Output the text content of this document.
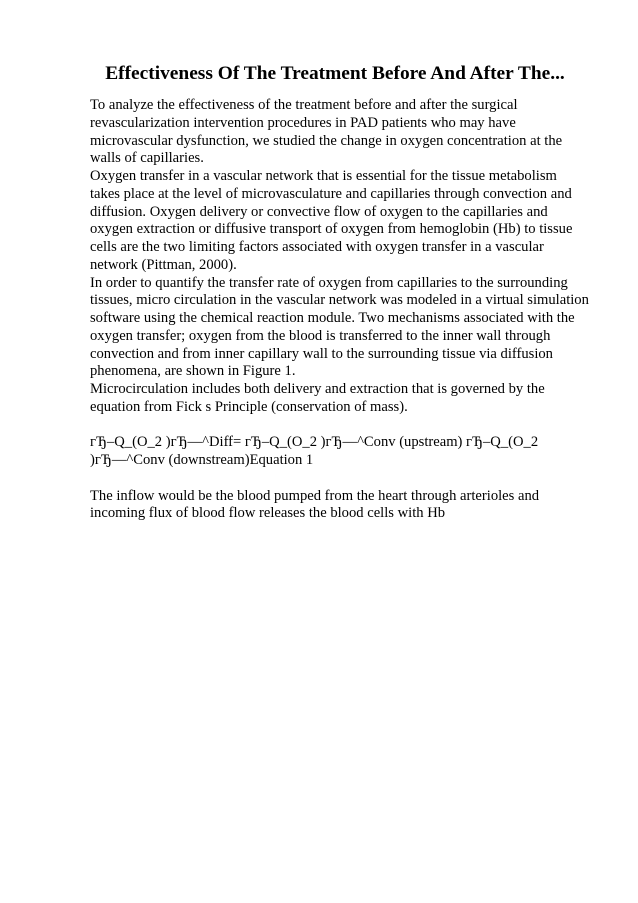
Effectiveness Of The Treatment Before And After The...
To analyze the effectiveness of the treatment before and after the surgical
revascularization intervention procedures in PAD patients who may have
microvascular dysfunction, we studied the change in oxygen concentration at the
walls of capillaries.
Oxygen transfer in a vascular network that is essential for the tissue metabolism
takes place at the level of microvasculature and capillaries through convection and
diffusion. Oxygen delivery or convective flow of oxygen to the capillaries and
oxygen extraction or diffusive transport of oxygen from hemoglobin (Hb) to tissue
cells are the two limiting factors associated with oxygen transfer in a vascular
network (Pittman, 2000).
In order to quantify the transfer rate of oxygen from capillaries to the surrounding
tissues, micro circulation in the vascular network was modeled in a virtual simulation
software using the chemical reaction module. Two mechanisms associated with the
oxygen transfer; oxygen from the blood is transferred to the inner wall through
convection and from inner capillary wall to the surrounding tissue via diffusion
phenomena, are shown in Figure 1.
Microcirculation includes both delivery and extraction that is governed by the
equation from Fick s Principle (conservation of mass).
гЂ–Q_(O_2 )гЂ—^Diff= гЂ–Q_(O_2 )гЂ—^Conv (upstream) гЂ–Q_(O_2
)гЂ—^Conv (downstream)Equation 1
The inflow would be the blood pumped from the heart through arterioles and
incoming flux of blood flow releases the blood cells with Hb
